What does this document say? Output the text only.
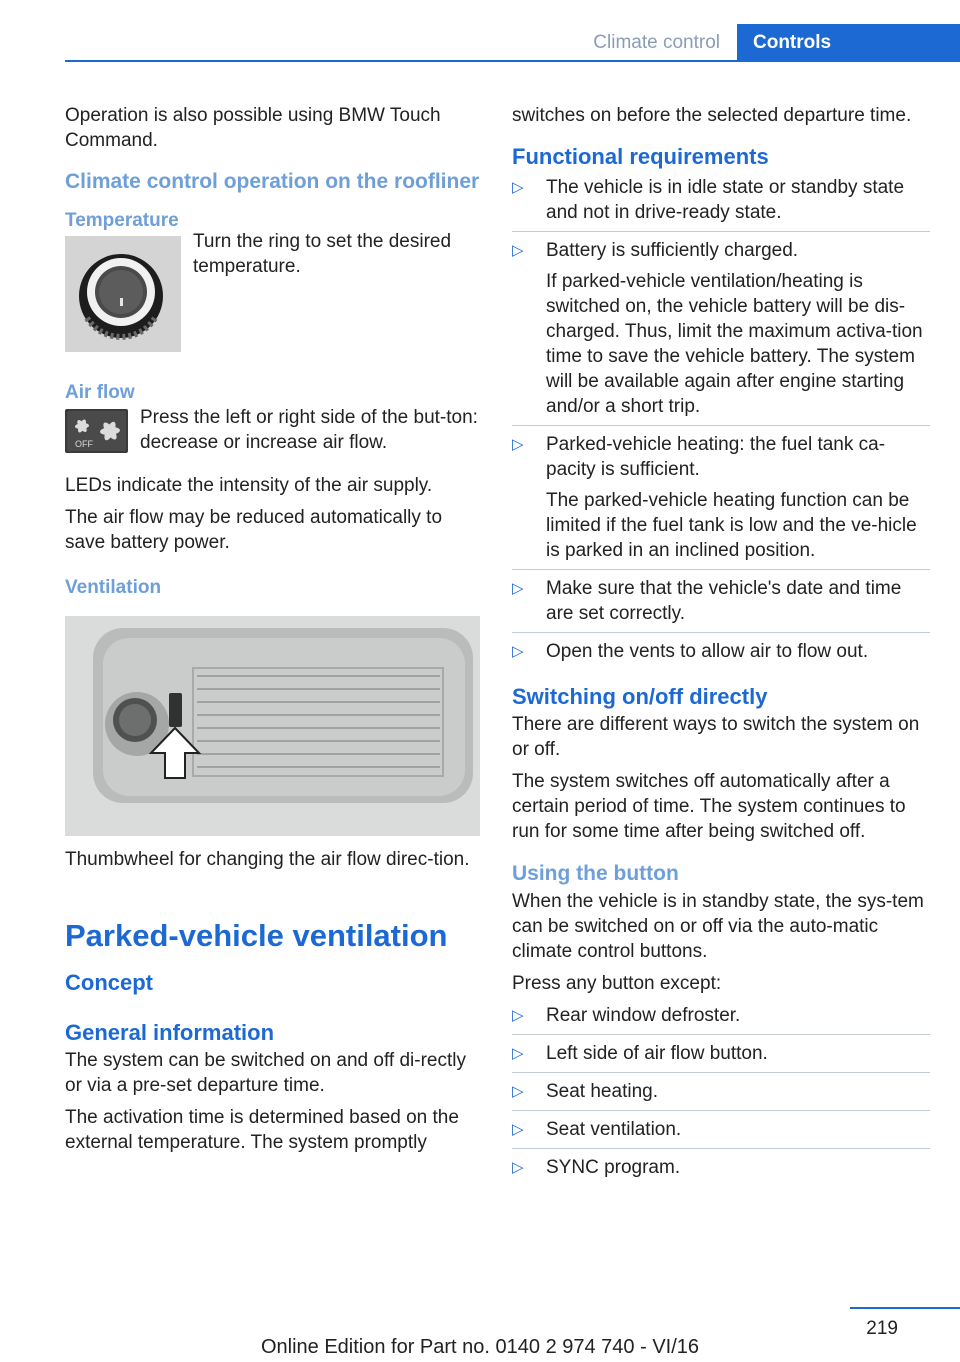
Climate control	Controls

Operation is also possible using BMW Touch Command.

Climate control operation on the roofliner
Temperature

Turn the ring to set the desired temperature.

Air flow
OFF

Press the left or right side of the but‐ton: decrease or increase air flow.

LEDs indicate the intensity of the air supply.

The air flow may be reduced automatically to save battery power.

Ventilation

Thumbwheel for changing the air flow direc‐tion.

Parked-vehicle ventilation
Concept
General information

The system can be switched on and off di‐rectly or via a pre-set departure time.

The activation time is determined based on the external temperature. The system promptly

switches on before the selected departure time.

Functional requirements
▷ The vehicle is in idle state or standby state and not in drive-ready state.
▷ Battery is sufficiently charged.

If parked-vehicle ventilation/heating is switched on, the vehicle battery will be dis‐charged. Thus, limit the maximum activa‐tion time to save the vehicle battery. The system will be available again after engine starting and/or a short trip.

▷ Parked-vehicle heating: the fuel tank ca‐pacity is sufficient.

The parked-vehicle heating function can be limited if the fuel tank is low and the ve‐hicle is parked in an inclined position.

▷ Make sure that the vehicle's date and time are set correctly.
▷ Open the vents to allow air to flow out.
Switching on/off directly

There are different ways to switch the system on or off.

The system switches off automatically after a certain period of time. The system continues to run for some time after being switched off.

Using the button

When the vehicle is in standby state, the sys‐tem can be switched on or off via the auto‐matic climate control buttons.

Press any button except:

▷ Rear window defroster.
▷ Left side of air flow button.
▷ Seat heating.
▷ Seat ventilation.
▷ SYNC program.
219
Online Edition for Part no. 0140 2 974 740 - VI/16
